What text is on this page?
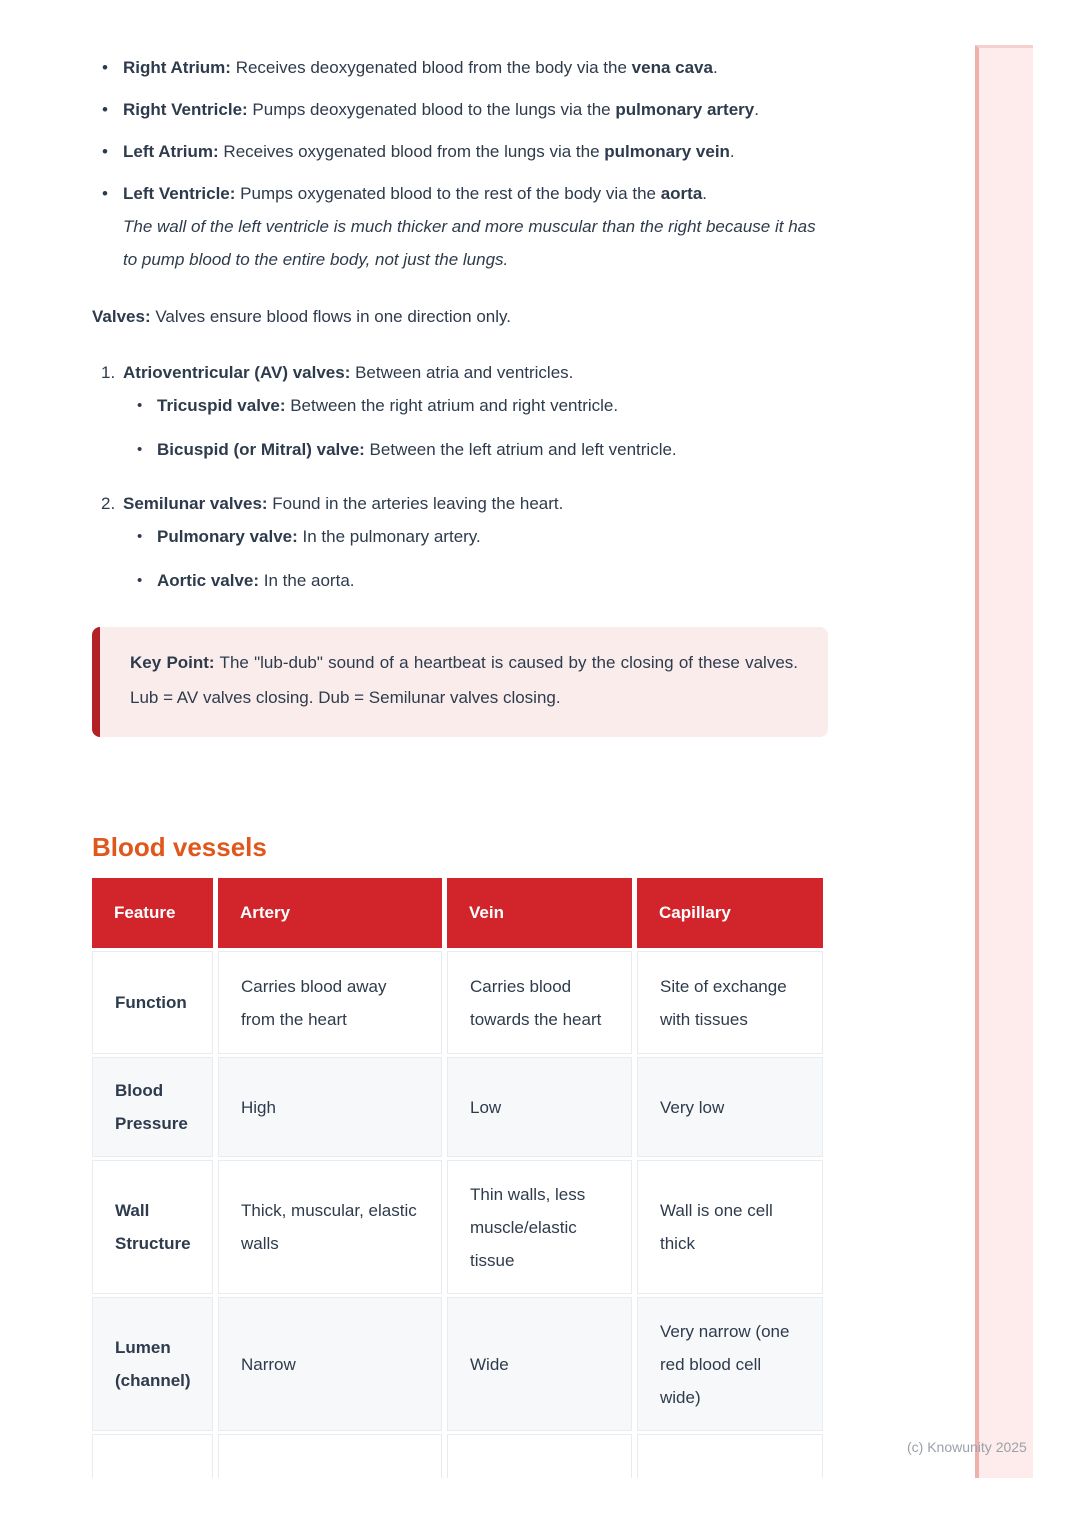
• Right Atrium: Receives deoxygenated blood from the body via the vena cava.
• Right Ventricle: Pumps deoxygenated blood to the lungs via the pulmonary artery.
• Left Atrium: Receives oxygenated blood from the lungs via the pulmonary vein.
• Left Ventricle: Pumps oxygenated blood to the rest of the body via the aorta.
The wall of the left ventricle is much thicker and more muscular than the right because it has to pump blood to the entire body, not just the lungs.

Valves: Valves ensure blood flows in one direction only.

Atrioventricular (AV) valves: Between atria and ventricles.
• Tricuspid valve: Between the right atrium and right ventricle.
• Bicuspid (or Mitral) valve: Between the left atrium and left ventricle.
Semilunar valves: Found in the arteries leaving the heart.
• Pulmonary valve: In the pulmonary artery.
• Aortic valve: In the aorta.
Key Point: The "lub-dub" sound of a heartbeat is caused by the closing of these valves. Lub = AV valves closing. Dub = Semilunar valves closing.
Blood vessels
Feature	Artery	Vein	Capillary
Function	Carries blood away from the heart	Carries blood towards the heart	Site of exchange with tissues
Blood Pressure	High	Low	Very low
Wall Structure	Thick, muscular, elastic walls	Thin walls, less muscle/elastic tissue	Wall is one cell thick
Lumen (channel)	Narrow	Wide	Very narrow (one red blood cell wide)

(c) Knowunity 2025
